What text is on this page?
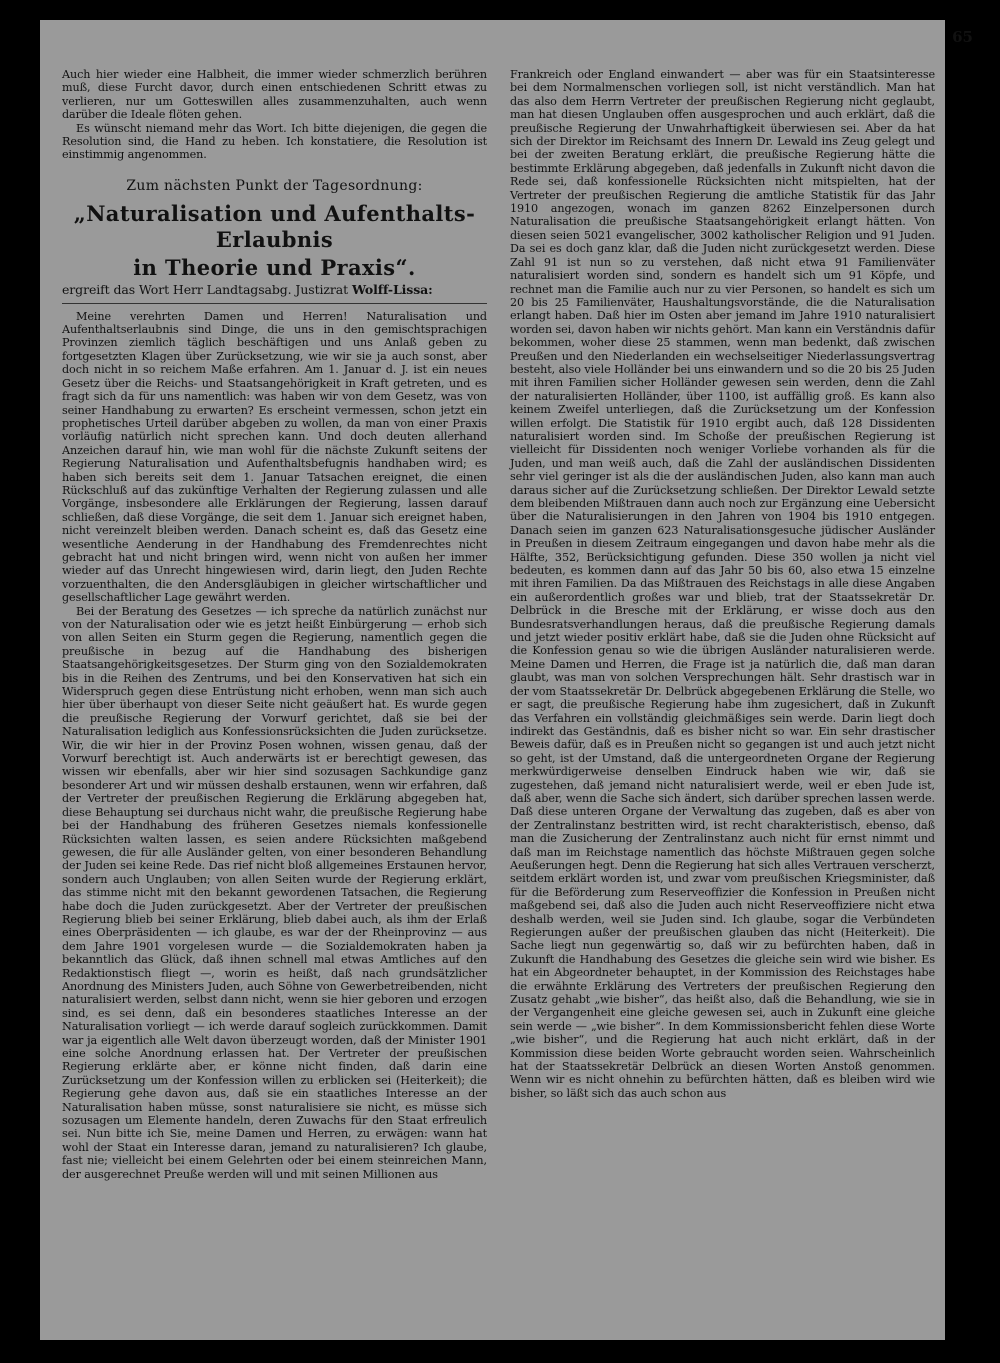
65

Auch hier wieder eine Halbheit, die immer wieder schmerzlich berühren muß, diese Furcht davor, durch einen entschiedenen Schritt etwas zu verlieren, nur um Gotteswillen alles zusammenzuhalten, auch wenn darüber die Ideale flöten gehen.

Es wünscht niemand mehr das Wort. Ich bitte diejenigen, die gegen die Resolution sind, die Hand zu heben. Ich konstatiere, die Resolution ist einstimmig angenommen.

Zum nächsten Punkt der Tagesordnung:
„Naturalisation und Aufenthalts-Erlaubnis
in Theorie und Praxis“.
ergreift das Wort Herr Landtagsabg. Justizrat Wolff-Lissa:

Meine verehrten Damen und Herren! Naturalisation und Aufenthaltserlaubnis sind Dinge, die uns in den gemischtsprachigen Provinzen ziemlich täglich beschäftigen und uns Anlaß geben zu fortgesetzten Klagen über Zurücksetzung, wie wir sie ja auch sonst, aber doch nicht in so reichem Maße erfahren. Am 1. Januar d. J. ist ein neues Gesetz über die Reichs- und Staatsangehörigkeit in Kraft getreten, und es fragt sich da für uns namentlich: was haben wir von dem Gesetz, was von seiner Handhabung zu erwarten? Es erscheint vermessen, schon jetzt ein prophetisches Urteil darüber abgeben zu wollen, da man von einer Praxis vorläufig natürlich nicht sprechen kann. Und doch deuten allerhand Anzeichen darauf hin, wie man wohl für die nächste Zukunft seitens der Regierung Naturalisation und Aufenthaltsbefugnis handhaben wird; es haben sich bereits seit dem 1. Januar Tatsachen ereignet, die einen Rückschluß auf das zukünftige Verhalten der Regierung zulassen und alle Vorgänge, insbesondere alle Erklärungen der Regierung, lassen darauf schließen, daß diese Vorgänge, die seit dem 1. Januar sich ereignet haben, nicht vereinzelt bleiben werden. Danach scheint es, daß das Gesetz eine wesentliche Aenderung in der Handhabung des Fremdenrechtes nicht gebracht hat und nicht bringen wird, wenn nicht von außen her immer wieder auf das Unrecht hingewiesen wird, darin liegt, den Juden Rechte vorzuenthalten, die den Andersgläubigen in gleicher wirtschaftlicher und gesellschaftlicher Lage gewährt werden.

Bei der Beratung des Gesetzes — ich spreche da natürlich zunächst nur von der Naturalisation oder wie es jetzt heißt Einbürgerung — erhob sich von allen Seiten ein Sturm gegen die Regierung, namentlich gegen die preußische in bezug auf die Handhabung des bisherigen Staatsangehörigkeitsgesetzes. Der Sturm ging von den Sozialdemokraten bis in die Reihen des Zentrums, und bei den Konservativen hat sich ein Widerspruch gegen diese Entrüstung nicht erhoben, wenn man sich auch hier über überhaupt von dieser Seite nicht geäußert hat. Es wurde gegen die preußische Regierung der Vorwurf gerichtet, daß sie bei der Naturalisation lediglich aus Konfessionsrücksichten die Juden zurücksetze. Wir, die wir hier in der Provinz Posen wohnen, wissen genau, daß der Vorwurf berechtigt ist. Auch anderwärts ist er berechtigt gewesen, das wissen wir ebenfalls, aber wir hier sind sozusagen Sachkundige ganz besonderer Art und wir müssen deshalb erstaunen, wenn wir erfahren, daß der Vertreter der preußischen Regierung die Erklärung abgegeben hat, diese Behauptung sei durchaus nicht wahr, die preußische Regierung habe bei der Handhabung des früheren Gesetzes niemals konfessionelle Rücksichten walten lassen, es seien andere Rücksichten maßgebend gewesen, die für alle Ausländer gelten, von einer besonderen Behandlung der Juden sei keine Rede. Das rief nicht bloß allgemeines Erstaunen hervor, sondern auch Unglauben; von allen Seiten wurde der Regierung erklärt, das stimme nicht mit den bekannt gewordenen Tatsachen, die Regierung habe doch die Juden zurückgesetzt. Aber der Vertreter der preußischen Regierung blieb bei seiner Erklärung, blieb dabei auch, als ihm der Erlaß eines Oberpräsidenten — ich glaube, es war der der Rheinprovinz — aus dem Jahre 1901 vorgelesen wurde — die Sozialdemokraten haben ja bekanntlich das Glück, daß ihnen schnell mal etwas Amtliches auf den Redaktionstisch fliegt —, worin es heißt, daß nach grundsätzlicher Anordnung des Ministers Juden, auch Söhne von Gewerbetreibenden, nicht naturalisiert werden, selbst dann nicht, wenn sie hier geboren und erzogen sind, es sei denn, daß ein besonderes staatliches Interesse an der Naturalisation vorliegt — ich werde darauf sogleich zurückkommen. Damit war ja eigentlich alle Welt davon überzeugt worden, daß der Minister 1901 eine solche Anordnung erlassen hat. Der Vertreter der preußischen Regierung erklärte aber, er könne nicht finden, daß darin eine Zurücksetzung um der Konfession willen zu erblicken sei (Heiterkeit); die Regierung gehe davon aus, daß sie ein staatliches Interesse an der Naturalisation haben müsse, sonst naturalisiere sie nicht, es müsse sich sozusagen um Elemente handeln, deren Zuwachs für den Staat erfreulich sei. Nun bitte ich Sie, meine Damen und Herren, zu erwägen: wann hat wohl der Staat ein Interesse daran, jemand zu naturalisieren? Ich glaube, fast nie; vielleicht bei einem Gelehrten oder bei einem steinreichen Mann, der ausgerechnet Preuße werden will und mit seinen Millionen aus

Frankreich oder England einwandert — aber was für ein Staatsinteresse bei dem Normalmenschen vorliegen soll, ist nicht verständlich. Man hat das also dem Herrn Vertreter der preußischen Regierung nicht geglaubt, man hat diesen Unglauben offen ausgesprochen und auch erklärt, daß die preußische Regierung der Unwahrhaftigkeit überwiesen sei. Aber da hat sich der Direktor im Reichsamt des Innern Dr. Lewald ins Zeug gelegt und bei der zweiten Beratung erklärt, die preußische Regierung hätte die bestimmte Erklärung abgegeben, daß jedenfalls in Zukunft nicht davon die Rede sei, daß konfessionelle Rücksichten nicht mitspielten, hat der Vertreter der preußischen Regierung die amtliche Statistik für das Jahr 1910 angezogen, wonach im ganzen 8262 Einzelpersonen durch Naturalisation die preußische Staatsangehörigkeit erlangt hätten. Von diesen seien 5021 evangelischer, 3002 katholischer Religion und 91 Juden. Da sei es doch ganz klar, daß die Juden nicht zurückgesetzt werden. Diese Zahl 91 ist nun so zu verstehen, daß nicht etwa 91 Familienväter naturalisiert worden sind, sondern es handelt sich um 91 Köpfe, und rechnet man die Familie auch nur zu vier Personen, so handelt es sich um 20 bis 25 Familienväter, Haushaltungsvorstände, die die Naturalisation erlangt haben. Daß hier im Osten aber jemand im Jahre 1910 naturalisiert worden sei, davon haben wir nichts gehört. Man kann ein Verständnis dafür bekommen, woher diese 25 stammen, wenn man bedenkt, daß zwischen Preußen und den Niederlanden ein wechselseitiger Niederlassungsvertrag besteht, also viele Holländer bei uns einwandern und so die 20 bis 25 Juden mit ihren Familien sicher Holländer gewesen sein werden, denn die Zahl der naturalisierten Holländer, über 1100, ist auffällig groß. Es kann also keinem Zweifel unterliegen, daß die Zurücksetzung um der Konfession willen erfolgt. Die Statistik für 1910 ergibt auch, daß 128 Dissidenten naturalisiert worden sind. Im Schoße der preußischen Regierung ist vielleicht für Dissidenten noch weniger Vorliebe vorhanden als für die Juden, und man weiß auch, daß die Zahl der ausländischen Dissidenten sehr viel geringer ist als die der ausländischen Juden, also kann man auch daraus sicher auf die Zurücksetzung schließen. Der Direktor Lewald setzte dem bleibenden Mißtrauen dann auch noch zur Ergänzung eine Uebersicht über die Naturalisierungen in den Jahren von 1904 bis 1910 entgegen. Danach seien im ganzen 623 Naturalisationsgesuche jüdischer Ausländer in Preußen in diesem Zeitraum eingegangen und davon habe mehr als die Hälfte, 352, Berücksichtigung gefunden. Diese 350 wollen ja nicht viel bedeuten, es kommen dann auf das Jahr 50 bis 60, also etwa 15 einzelne mit ihren Familien. Da das Mißtrauen des Reichstags in alle diese Angaben ein außerordentlich großes war und blieb, trat der Staatssekretär Dr. Delbrück in die Bresche mit der Erklärung, er wisse doch aus den Bundesratsverhandlungen heraus, daß die preußische Regierung damals und jetzt wieder positiv erklärt habe, daß sie die Juden ohne Rücksicht auf die Konfession genau so wie die übrigen Ausländer naturalisieren werde. Meine Damen und Herren, die Frage ist ja natürlich die, daß man daran glaubt, was man von solchen Versprechungen hält. Sehr drastisch war in der vom Staatssekretär Dr. Delbrück abgegebenen Erklärung die Stelle, wo er sagt, die preußische Regierung habe ihm zugesichert, daß in Zukunft das Verfahren ein vollständig gleichmäßiges sein werde. Darin liegt doch indirekt das Geständnis, daß es bisher nicht so war. Ein sehr drastischer Beweis dafür, daß es in Preußen nicht so gegangen ist und auch jetzt nicht so geht, ist der Umstand, daß die untergeordneten Organe der Regierung merkwürdigerweise denselben Eindruck haben wie wir, daß sie zugestehen, daß jemand nicht naturalisiert werde, weil er eben Jude ist, daß aber, wenn die Sache sich ändert, sich darüber sprechen lassen werde. Daß diese unteren Organe der Verwaltung das zugeben, daß es aber von der Zentralinstanz bestritten wird, ist recht charakteristisch, ebenso, daß man die Zusicherung der Zentralinstanz auch nicht für ernst nimmt und daß man im Reichstage namentlich das höchste Mißtrauen gegen solche Aeußerungen hegt. Denn die Regierung hat sich alles Vertrauen verscherzt, seitdem erklärt worden ist, und zwar vom preußischen Kriegsminister, daß für die Beförderung zum Reserveoffizier die Konfession in Preußen nicht maßgebend sei, daß also die Juden auch nicht Reserveoffiziere nicht etwa deshalb werden, weil sie Juden sind. Ich glaube, sogar die Verbündeten Regierungen außer der preußischen glauben das nicht (Heiterkeit). Die Sache liegt nun gegenwärtig so, daß wir zu befürchten haben, daß in Zukunft die Handhabung des Gesetzes die gleiche sein wird wie bisher. Es hat ein Abgeordneter behauptet, in der Kommission des Reichstages habe die erwähnte Erklärung des Vertreters der preußischen Regierung den Zusatz gehabt „wie bisher“, das heißt also, daß die Behandlung, wie sie in der Vergangenheit eine gleiche gewesen sei, auch in Zukunft eine gleiche sein werde — „wie bisher“. In dem Kommissionsbericht fehlen diese Worte „wie bisher“, und die Regierung hat auch nicht erklärt, daß in der Kommission diese beiden Worte gebraucht worden seien. Wahrscheinlich hat der Staatssekretär Delbrück an diesen Worten Anstoß genommen. Wenn wir es nicht ohnehin zu befürchten hätten, daß es bleiben wird wie bisher, so läßt sich das auch schon aus
